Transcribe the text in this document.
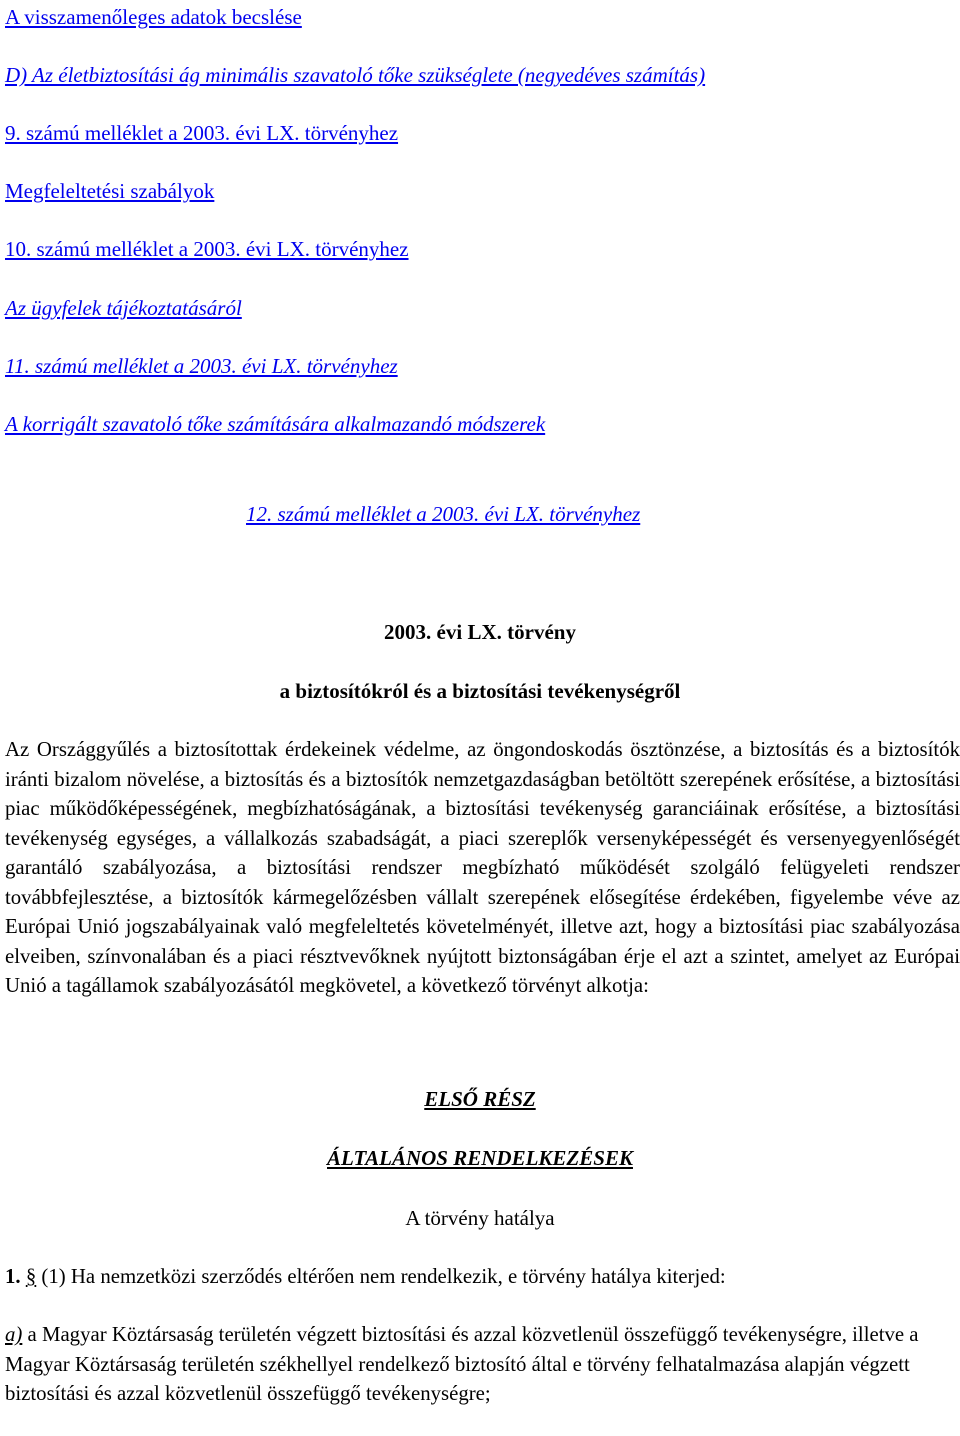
A visszamenőleges adatok becslése

D) Az életbiztosítási ág minimális szavatoló tőke szükséglete (negyedéves számítás)

9. számú melléklet a 2003. évi LX. törvényhez

Megfeleltetési szabályok

10. számú melléklet a 2003. évi LX. törvényhez

Az ügyfelek tájékoztatásáról

11. számú melléklet a 2003. évi LX. törvényhez

A korrigált szavatoló tőke számítására alkalmazandó módszerek

12. számú melléklet a 2003. évi LX. törvényhez

2003. évi LX. törvény

a biztosítókról és a biztosítási tevékenységről

Az Országgyűlés a biztosítottak érdekeinek védelme, az öngondoskodás ösztönzése, a biztosítás és a biztosítók iránti bizalom növelése, a biztosítás és a biztosítók nemzetgazdaságban betöltött szerepének erősítése, a biztosítási piac működőképességének, megbízhatóságának, a biztosítási tevékenység garanciáinak erősítése, a biztosítási tevékenység egységes, a vállalkozás szabadságát, a piaci szereplők versenyképességét és versenyegyenlőségét garantáló szabályozása, a biztosítási rendszer megbízható működését szolgáló felügyeleti rendszer továbbfejlesztése, a biztosítók kármegelőzésben vállalt szerepének elősegítése érdekében, figyelembe véve az Európai Unió jogszabályainak való megfeleltetés követelményét, illetve azt, hogy a biztosítási piac szabályozása elveiben, színvonalában és a piaci résztvevőknek nyújtott biztonságában érje el azt a szintet, amelyet az Európai Unió a tagállamok szabályozásától megkövetel, a következő törvényt alkotja:

ELSŐ RÉSZ

ÁLTALÁNOS RENDELKEZÉSEK

A törvény hatálya

1. § (1) Ha nemzetközi szerződés eltérően nem rendelkezik, e törvény hatálya kiterjed:

a) a Magyar Köztársaság területén végzett biztosítási és azzal közvetlenül összefüggő tevékenységre, illetve a Magyar Köztársaság területén székhellyel rendelkező biztosító által e törvény felhatalmazása alapján végzett biztosítási és azzal közvetlenül összefüggő tevékenységre;
